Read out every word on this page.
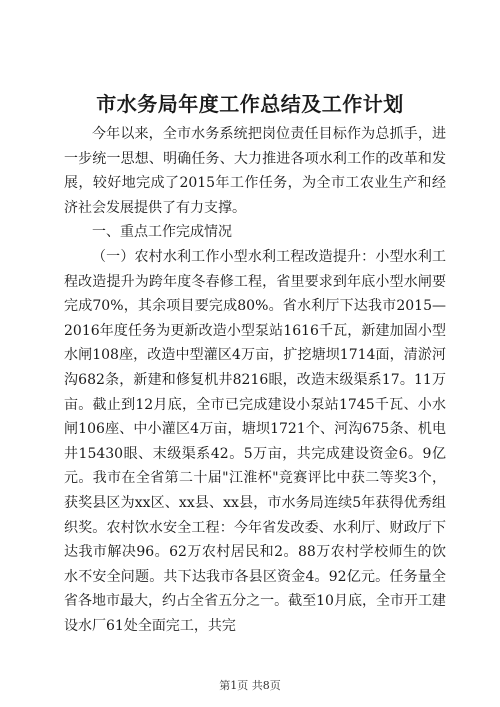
市水务局年度工作总结及工作计划

今年以来，全市水务系统把岗位责任目标作为总抓手，进一步统一思想、明确任务、大力推进各项水利工作的改革和发展，较好地完成了2015年工作任务，为全市工农业生产和经济社会发展提供了有力支撑。

一、重点工作完成情况

（一）农村水利工作小型水利工程改造提升：小型水利工程改造提升为跨年度冬春修工程，省里要求到年底小型水闸要完成70%，其余项目要完成80%。省水利厅下达我市2015—2016年度任务为更新改造小型泵站1616千瓦，新建加固小型水闸108座，改造中型灌区4万亩，扩挖塘坝1714面，清淤河沟682条，新建和修复机井8216眼，改造末级渠系17。11万亩。截止到12月底，全市已完成建设小泵站1745千瓦、小水闸106座、中小灌区4万亩，塘坝1721个、河沟675条、机电井15430眼、末级渠系42。5万亩，共完成建设资金6。9亿元。我市在全省第二十届"江淮杯"竞赛评比中获二等奖3个，获奖县区为xx区、xx县、xx县，市水务局连续5年获得优秀组织奖。农村饮水安全工程：今年省发改委、水利厅、财政厅下达我市解决96。62万农村居民和2。88万农村学校师生的饮水不安全问题。共下达我市各县区资金4。92亿元。任务量全省各地市最大，约占全省五分之一。截至10月底，全市开工建设水厂61处全面完工，共完

第1页 共8页
